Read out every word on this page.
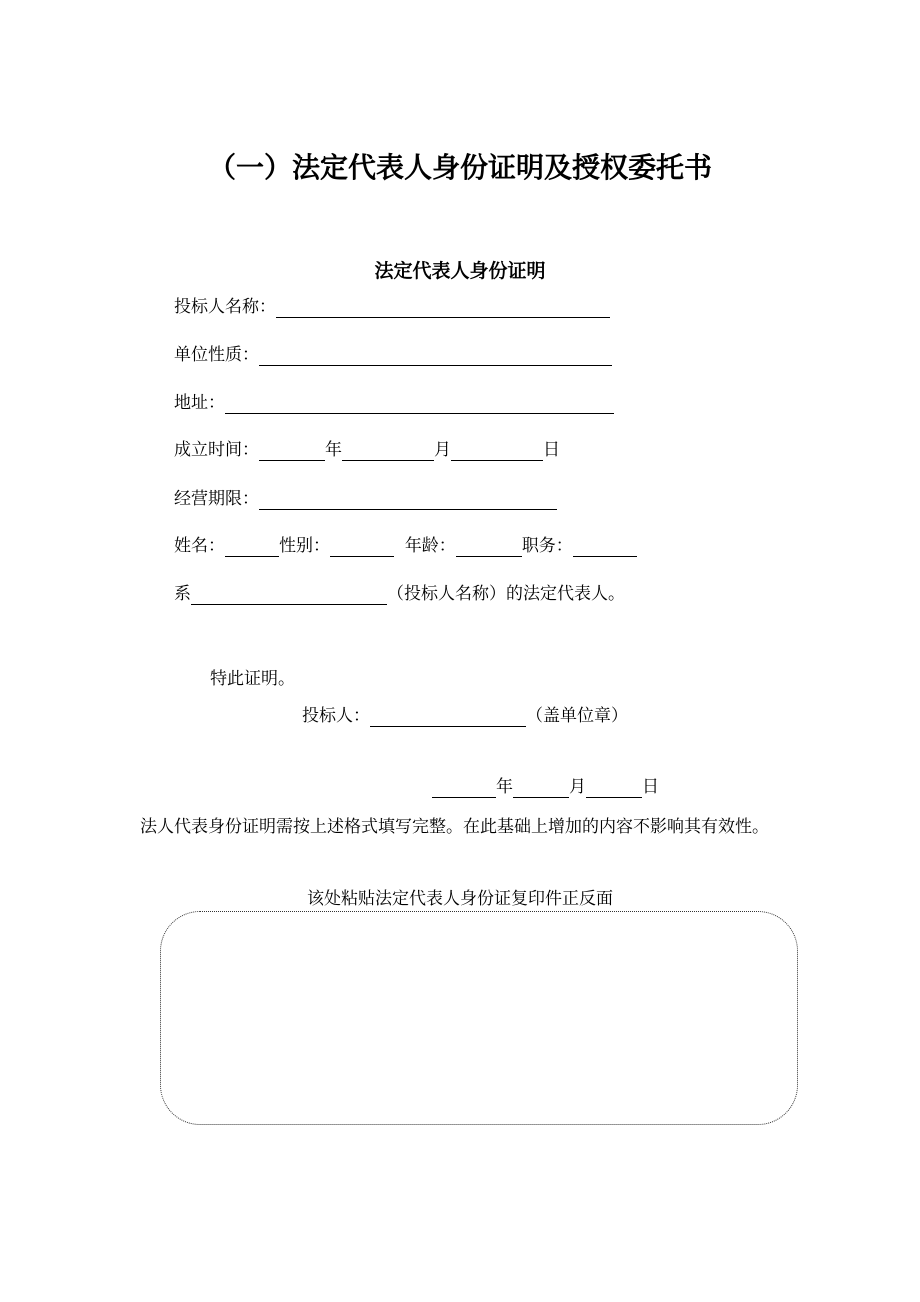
（一）法定代表人身份证明及授权委托书
法定代表人身份证明
投标人名称：
单位性质：
地址：
成立时间：	年	月	日
经营期限：
姓名：	性别：	年龄：	职务：
系	（投标人名称）的法定代表人。
特此证明。
投标人：	（盖单位章）
年	月	日
法人代表身份证明需按上述格式填写完整。在此基础上增加的内容不影响其有效性。
该处粘贴法定代表人身份证复印件正反面
